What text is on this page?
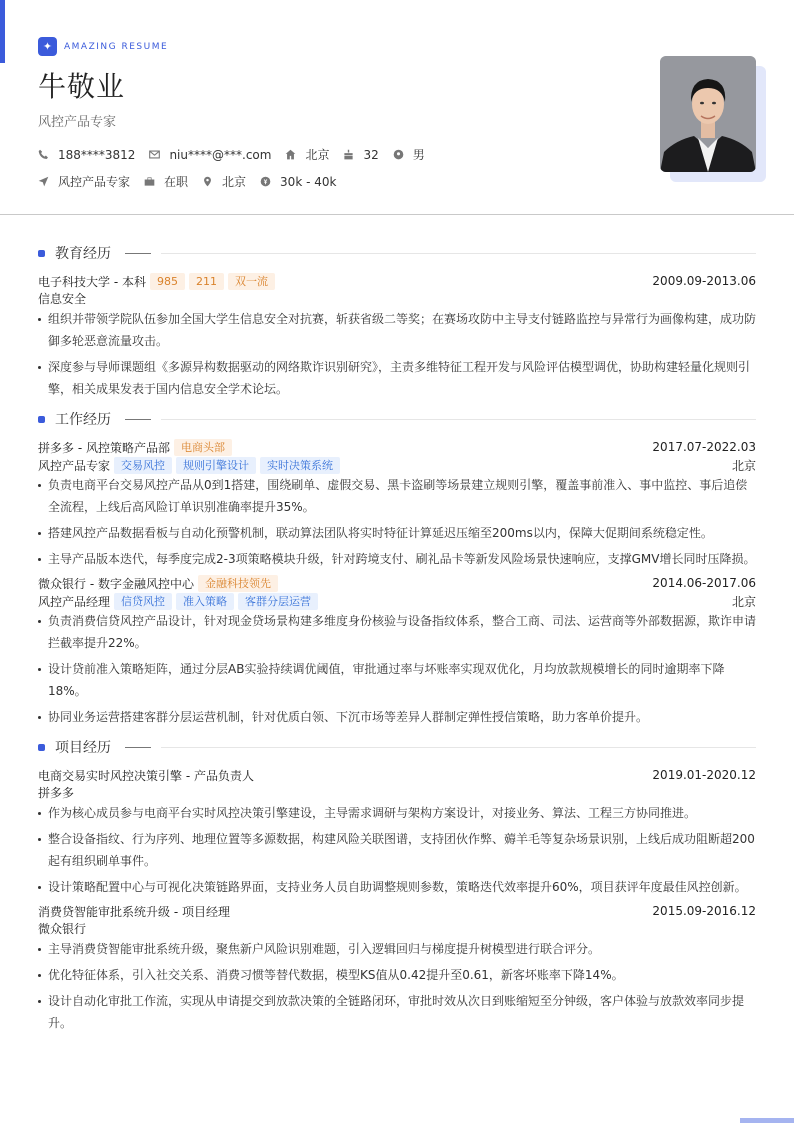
✦	AMAZING RESUME
牛敬业
风控产品专家
188****3812	niu****@***.com	北京	32	男
风控产品专家	在职	北京	30k - 40k
教育经历
电子科技大学 - 本科	985	211	双一流	2009.09-2013.06
信息安全
组织并带领学院队伍参加全国大学生信息安全对抗赛，斩获省级二等奖；在赛场攻防中主导支付链路监控与异常行为画像构建，成功防御多轮恶意流量攻击。
深度参与导师课题组《多源异构数据驱动的网络欺诈识别研究》，主责多维特征工程开发与风险评估模型调优，协助构建轻量化规则引擎，相关成果发表于国内信息安全学术论坛。
工作经历
拼多多 - 风控策略产品部	电商头部	2017.07-2022.03
风控产品专家	交易风控	规则引擎设计	实时决策系统	北京
负责电商平台交易风控产品从0到1搭建，围绕刷单、虚假交易、黑卡盗刷等场景建立规则引擎，覆盖事前准入、事中监控、事后追偿全流程，上线后高风险订单识别准确率提升35%。
搭建风控产品数据看板与自动化预警机制，联动算法团队将实时特征计算延迟压缩至200ms以内，保障大促期间系统稳定性。
主导产品版本迭代，每季度完成2-3项策略模块升级，针对跨境支付、刷礼品卡等新发风险场景快速响应，支撑GMV增长同时压降损。
微众银行 - 数字金融风控中心	金融科技领先	2014.06-2017.06
风控产品经理	信贷风控	准入策略	客群分层运营	北京
负责消费信贷风控产品设计，针对现金贷场景构建多维度身份核验与设备指纹体系，整合工商、司法、运营商等外部数据源，欺诈申请拦截率提升22%。
设计贷前准入策略矩阵，通过分层AB实验持续调优阈值，审批通过率与坏账率实现双优化，月均放款规模增长的同时逾期率下降18%。
协同业务运营搭建客群分层运营机制，针对优质白领、下沉市场等差异人群制定弹性授信策略，助力客单价提升。
项目经历
电商交易实时风控决策引擎 - 产品负责人	2019.01-2020.12
拼多多
作为核心成员参与电商平台实时风控决策引擎建设，主导需求调研与架构方案设计，对接业务、算法、工程三方协同推进。
整合设备指纹、行为序列、地理位置等多源数据，构建风险关联图谱，支持团伙作弊、薅羊毛等复杂场景识别，上线后成功阻断超200起有组织刷单事件。
设计策略配置中心与可视化决策链路界面，支持业务人员自助调整规则参数，策略迭代效率提升60%，项目获评年度最佳风控创新。
消费贷智能审批系统升级 - 项目经理	2015.09-2016.12
微众银行
主导消费贷智能审批系统升级，聚焦新户风险识别难题，引入逻辑回归与梯度提升树模型进行联合评分。
优化特征体系，引入社交关系、消费习惯等替代数据，模型KS值从0.42提升至0.61，新客坏账率下降14%。
设计自动化审批工作流，实现从申请提交到放款决策的全链路闭环，审批时效从次日到账缩短至分钟级，客户体验与放款效率同步提升。
